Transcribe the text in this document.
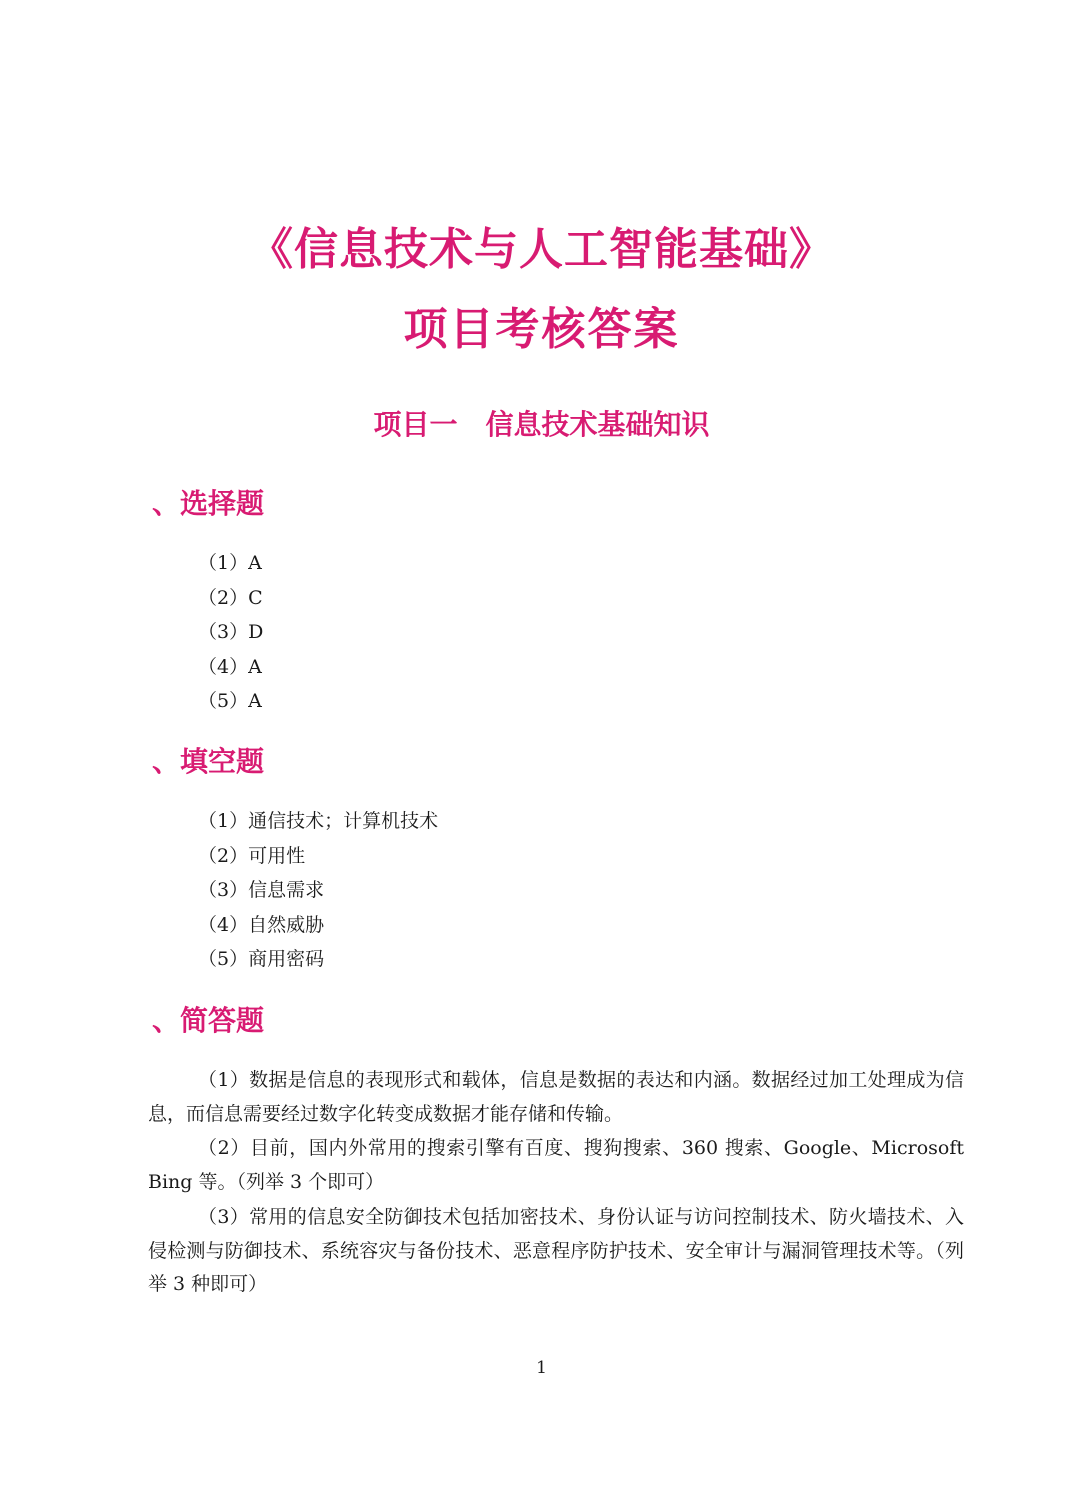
《信息技术与人工智能基础》
项目考核答案
项目一 信息技术基础知识
、选择题
（1）A
（2）C
（3）D
（4）A
（5）A
、填空题
（1）通信技术；计算机技术
（2）可用性
（3）信息需求
（4）自然威胁
（5）商用密码
、简答题

（1）数据是信息的表现形式和载体，信息是数据的表达和内涵。数据经过加工处理成为信息，而信息需要经过数字化转变成数据才能存储和传输。

（2）目前，国内外常用的搜索引擎有百度、搜狗搜索、360 搜索、Google、Microsoft Bing 等。（列举 3 个即可）

（3）常用的信息安全防御技术包括加密技术、身份认证与访问控制技术、防火墙技术、入侵检测与防御技术、系统容灾与备份技术、恶意程序防护技术、安全审计与漏洞管理技术等。（列举 3 种即可）

1
